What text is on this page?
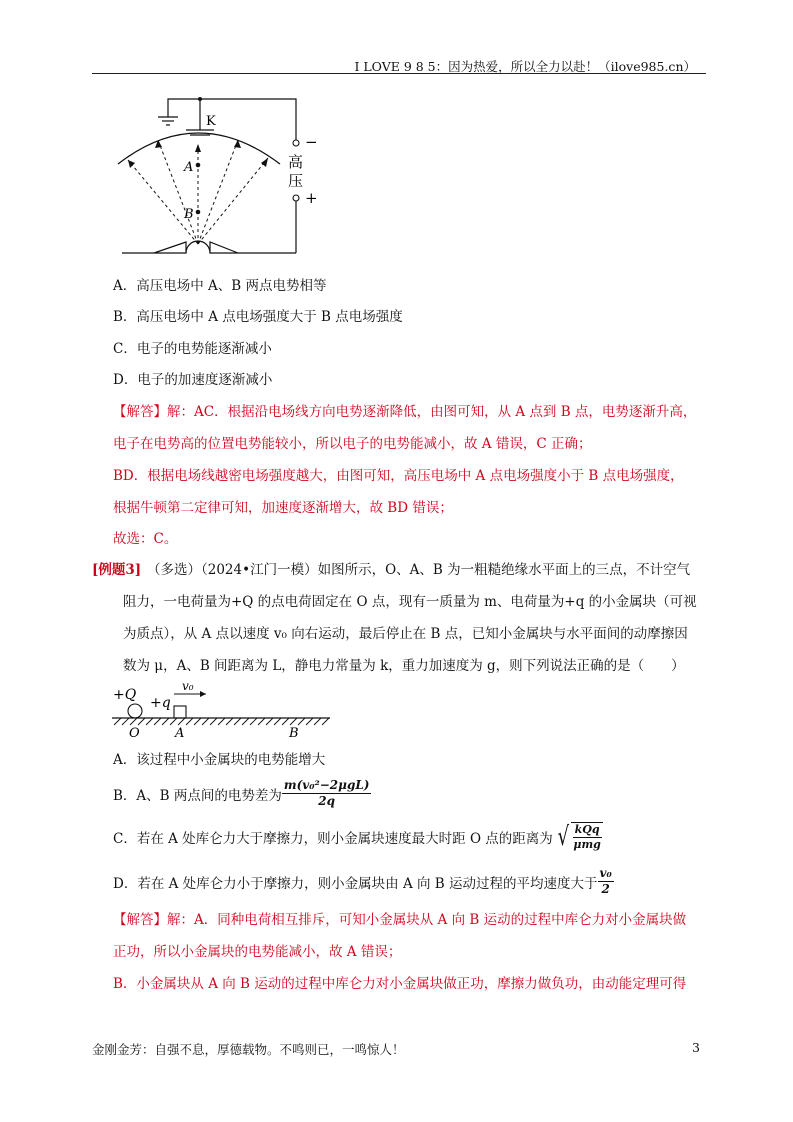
I LOVE 9 8 5：因为热爱，所以全力以赴！（ilove985.cn）
K
A
B
−
高
压
+
A．高压电场中 A、B 两点电势相等
B．高压电场中 A 点电场强度大于 B 点电场强度
C．电子的电势能逐渐减小
D．电子的加速度逐渐减小
【解答】解：AC．根据沿电场线方向电势逐渐降低，由图可知，从 A 点到 B 点，电势逐渐升高，
电子在电势高的位置电势能较小，所以电子的电势能减小，故 A 错误，C 正确；
BD．根据电场线越密电场强度越大，由图可知，高压电场中 A 点电场强度小于 B 点电场强度，
根据牛顿第二定律可知，加速度逐渐增大，故 BD 错误；
故选：C。
[例题3] （多选）（2024•江门一模）如图所示，O、A、B 为一粗糙绝缘水平面上的三点，不计空气
阻力，一电荷量为+Q 的点电荷固定在 O 点，现有一质量为 m、电荷量为+q 的小金属块（可视
为质点），从 A 点以速度 v₀ 向右运动，最后停止在 B 点，已知小金属块与水平面间的动摩擦因
数为 μ，A、B 间距离为 L，静电力常量为 k，重力加速度为 g，则下列说法正确的是（　　）
+Q +q
v₀
O	A	B
A．该过程中小金属块的电势能增大
B．A、B 两点间的电势差为 $\frac{\text{m(v₀²−2μgL)}}{2q}$
C．若在 A 处库仑力大于摩擦力，则小金属块速度最大时距 O 点的距离为 √ $\frac{\text{kQq}}{\text{μmg}}$
D．若在 A 处库仑力小于摩擦力，则小金属块由 A 向 B 运动过程的平均速度大于 $\frac{\text{v₀}}{2}$
【解答】解：A．同种电荷相互排斥，可知小金属块从 A 向 B 运动的过程中库仑力对小金属块做
正功，所以小金属块的电势能减小，故 A 错误；
B．小金属块从 A 向 B 运动的过程中库仑力对小金属块做正功，摩擦力做负功，由动能定理可得
金刚金芳：自强不息，厚德载物。不鸣则已，一鸣惊人！	3
